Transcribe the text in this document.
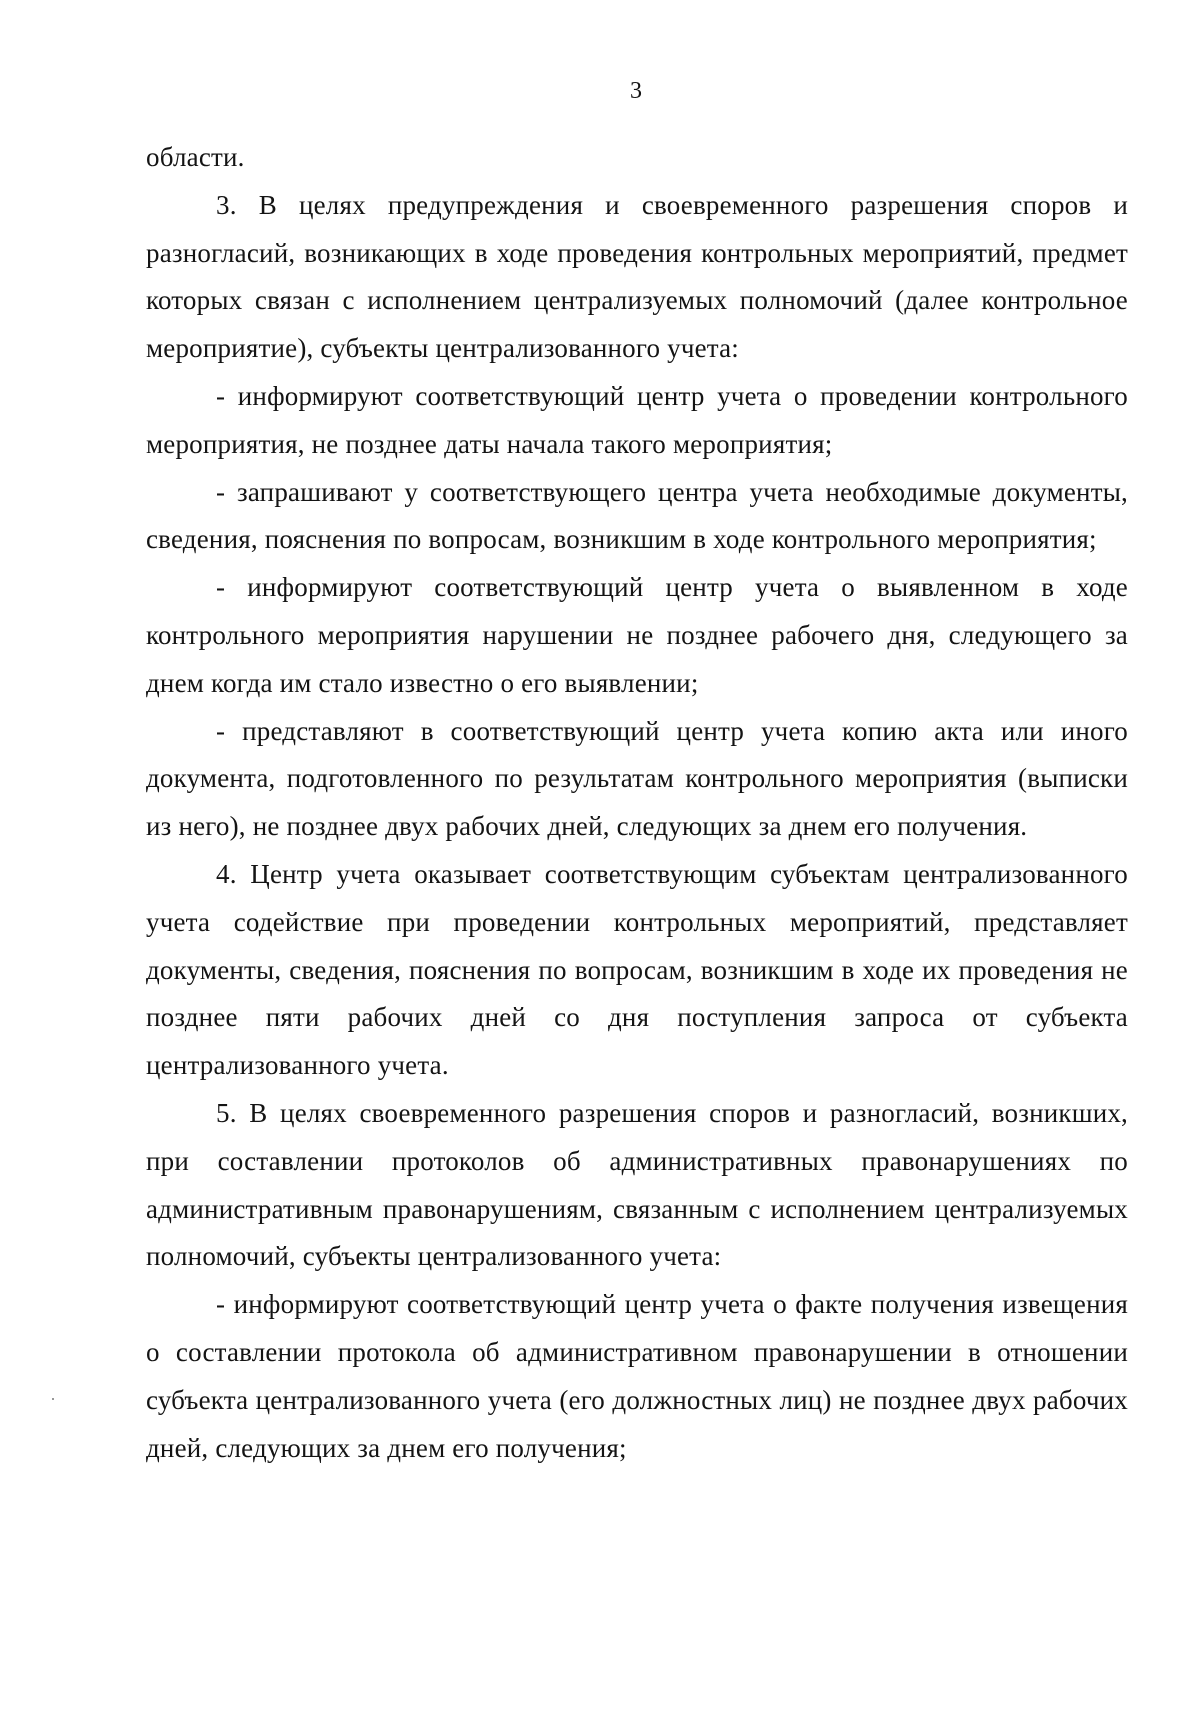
3

области.

3. В целях предупреждения и своевременного разрешения споров и разногласий, возникающих в ходе проведения контрольных мероприятий, предмет которых связан с исполнением централизуемых полномочий (далее контрольное мероприятие), субъекты централизованного учета:

- информируют соответствующий центр учета о проведении контрольного мероприятия, не позднее даты начала такого мероприятия;

- запрашивают у соответствующего центра учета необходимые документы, сведения, пояснения по вопросам, возникшим в ходе контрольного мероприятия;

- информируют соответствующий центр учета о выявленном в ходе контрольного мероприятия нарушении не позднее рабочего дня, следующего за днем когда им стало известно о его выявлении;

- представляют в соответствующий центр учета копию акта или иного документа, подготовленного по результатам контрольного мероприятия (выписки из него), не позднее двух рабочих дней, следующих за днем его получения.

4. Центр учета оказывает соответствующим субъектам централизованного учета содействие при проведении контрольных мероприятий, представляет документы, сведения, пояснения по вопросам, возникшим в ходе их проведения не позднее пяти рабочих дней со дня поступления запроса от субъекта централизованного учета.

5. В целях своевременного разрешения споров и разногласий, возникших, при составлении протоколов об административных правонарушениях по административным правонарушениям, связанным с исполнением централизуемых полномочий, субъекты централизованного учета:

- информируют соответствующий центр учета о факте получения извещения о составлении протокола об административном правонарушении в отношении субъекта централизованного учета (его должностных лиц) не позднее двух рабочих дней, следующих за днем его получения;
